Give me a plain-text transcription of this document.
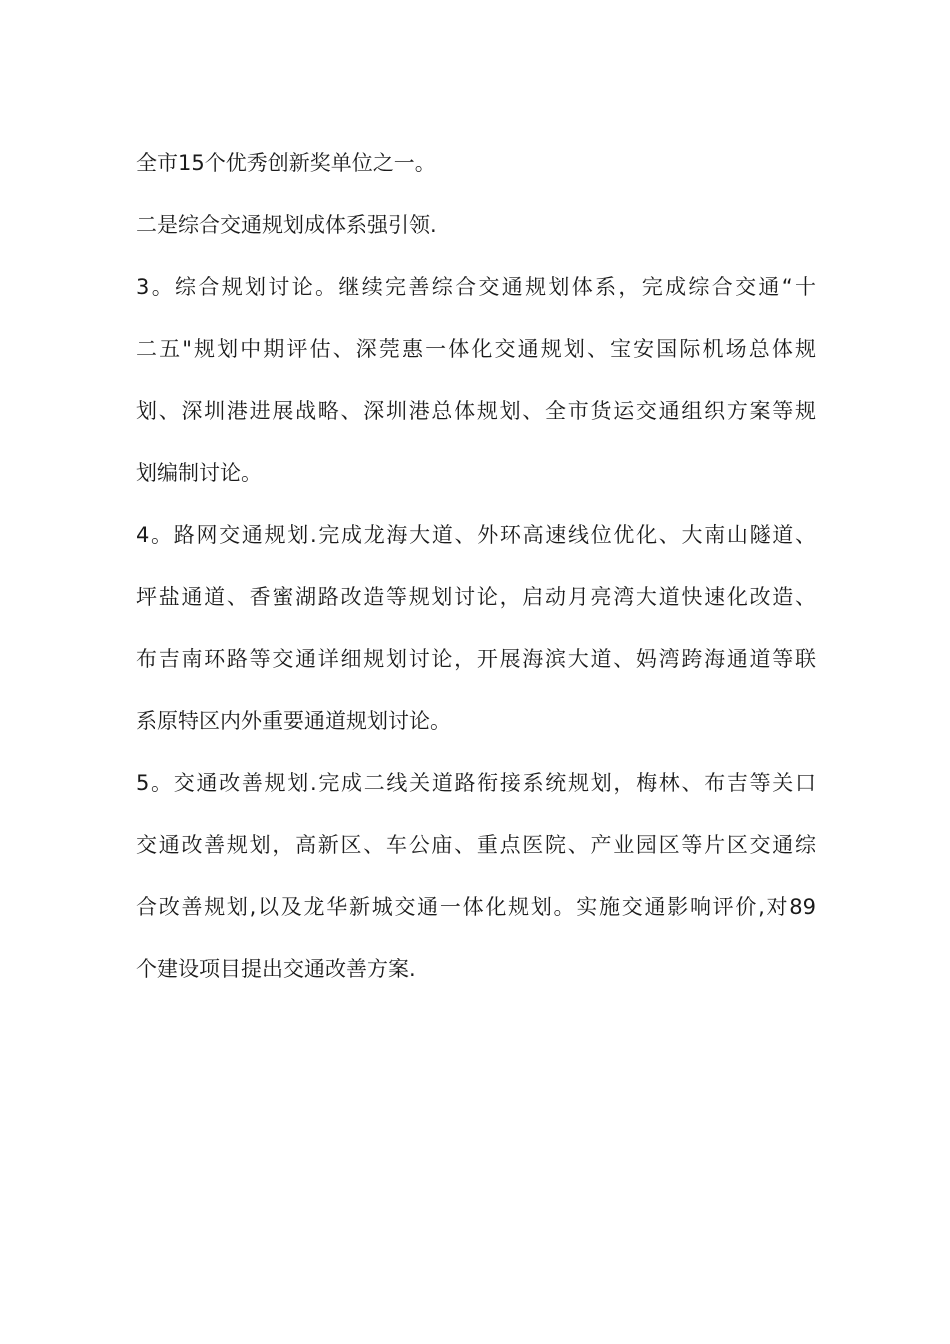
全市15个优秀创新奖单位之一。
二是综合交通规划成体系强引领.
3。综合规划讨论。继续完善综合交通规划体系，完成综合交通“十
二五"规划中期评估、深莞惠一体化交通规划、宝安国际机场总体规
划、深圳港进展战略、深圳港总体规划、全市货运交通组织方案等规
划编制讨论。
4。路网交通规划.完成龙海大道、外环高速线位优化、大南山隧道、
坪盐通道、香蜜湖路改造等规划讨论，启动月亮湾大道快速化改造、
布吉南环路等交通详细规划讨论，开展海滨大道、妈湾跨海通道等联
系原特区内外重要通道规划讨论。
5。交通改善规划.完成二线关道路衔接系统规划，梅林、布吉等关口
交通改善规划，高新区、车公庙、重点医院、产业园区等片区交通综
合改善规划,以及龙华新城交通一体化规划。实施交通影响评价,对89
个建设项目提出交通改善方案.
